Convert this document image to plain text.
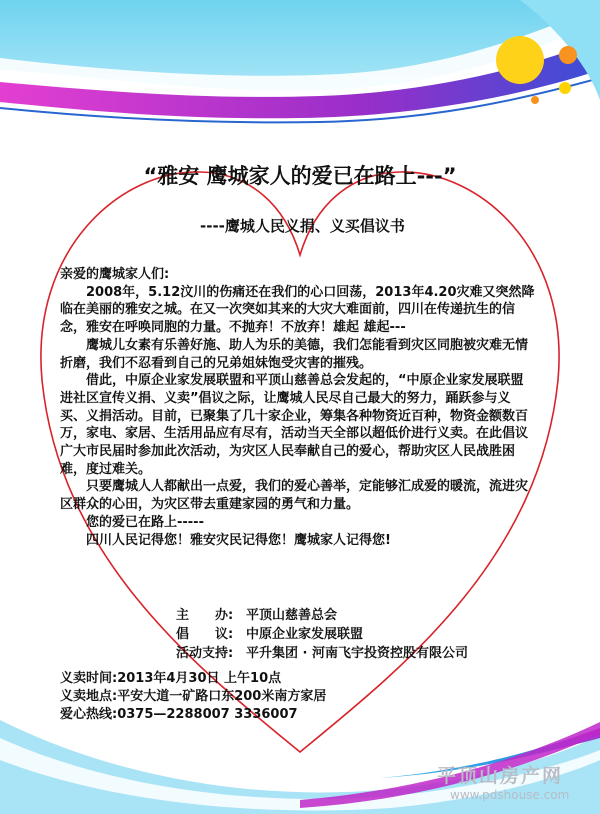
“雅安 鹰城家人的爱已在路上---”
----鹰城人民义捐、义买倡议书

亲爱的鹰城家人们:

2008年，5.12汶川的伤痛还在我们的心口回荡，2013年4.20灾难又突然降临在美丽的雅安之城。在又一次突如其来的大灾大难面前，四川在传递抗生的信念，雅安在呼唤同胞的力量。不抛弃！不放弃！雄起 雄起---

鹰城儿女素有乐善好施、助人为乐的美德，我们怎能看到灾区同胞被灾难无情折磨，我们不忍看到自己的兄弟姐妹饱受灾害的摧残。

借此，中原企业家发展联盟和平顶山慈善总会发起的，“中原企业家发展联盟进社区宣传义捐、义卖”倡议之际，让鹰城人民尽自己最大的努力，踊跃参与义买、义捐活动。目前，已聚集了几十家企业，筹集各种物资近百种，物资金额数百万，家电、家居、生活用品应有尽有，活动当天全部以超低价进行义卖。在此倡议广大市民届时参加此次活动，为灾区人民奉献自己的爱心，帮助灾区人民战胜困难，度过难关。

只要鹰城人人都献出一点爱，我们的爱心善举，定能够汇成爱的暖流，流进灾区群众的心田，为灾区带去重建家园的勇气和力量。

您的爱已在路上-----

四川人民记得您！雅安灾民记得您！鹰城家人记得您!

主　　办: 平顶山慈善总会
倡　　议: 中原企业家发展联盟
活动支持: 平升集团 · 河南飞宇投资控股有限公司
义卖时间:2013年4月30日 上午10点
义卖地点:平安大道一矿路口东200米南方家居
爱心热线:0375—2288007 3336007
平顶山房产网
www.pdshouse.com
